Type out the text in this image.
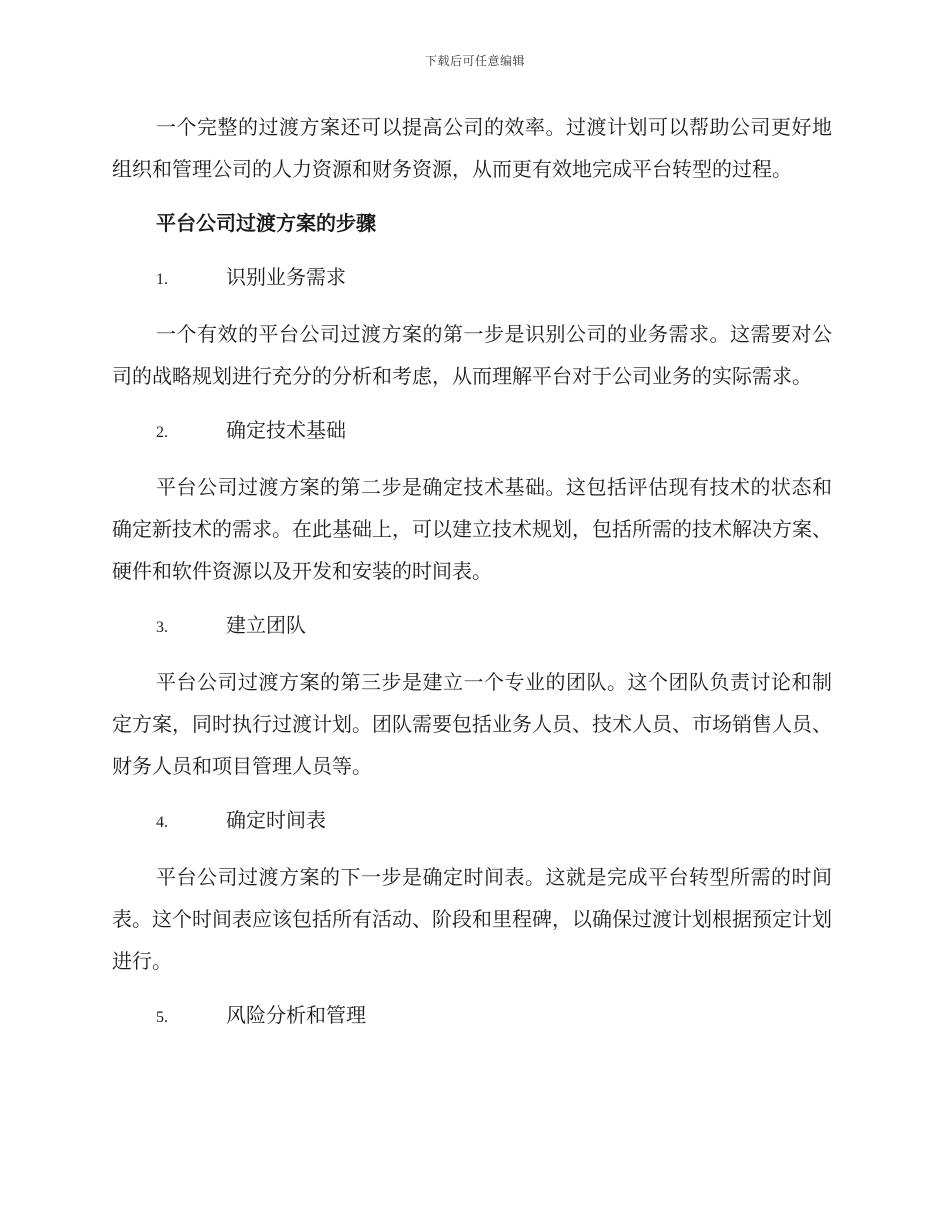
下载后可任意编辑

一个完整的过渡方案还可以提高公司的效率。过渡计划可以帮助公司更好地组织和管理公司的人力资源和财务资源，从而更有效地完成平台转型的过程。

平台公司过渡方案的步骤
1.	识别业务需求

一个有效的平台公司过渡方案的第一步是识别公司的业务需求。这需要对公司的战略规划进行充分的分析和考虑，从而理解平台对于公司业务的实际需求。

2.	确定技术基础

平台公司过渡方案的第二步是确定技术基础。这包括评估现有技术的状态和确定新技术的需求。在此基础上，可以建立技术规划，包括所需的技术解决方案、硬件和软件资源以及开发和安装的时间表。

3.	建立团队

平台公司过渡方案的第三步是建立一个专业的团队。这个团队负责讨论和制定方案，同时执行过渡计划。团队需要包括业务人员、技术人员、市场销售人员、财务人员和项目管理人员等。

4.	确定时间表

平台公司过渡方案的下一步是确定时间表。这就是完成平台转型所需的时间表。这个时间表应该包括所有活动、阶段和里程碑，以确保过渡计划根据预定计划进行。

5.	风险分析和管理
